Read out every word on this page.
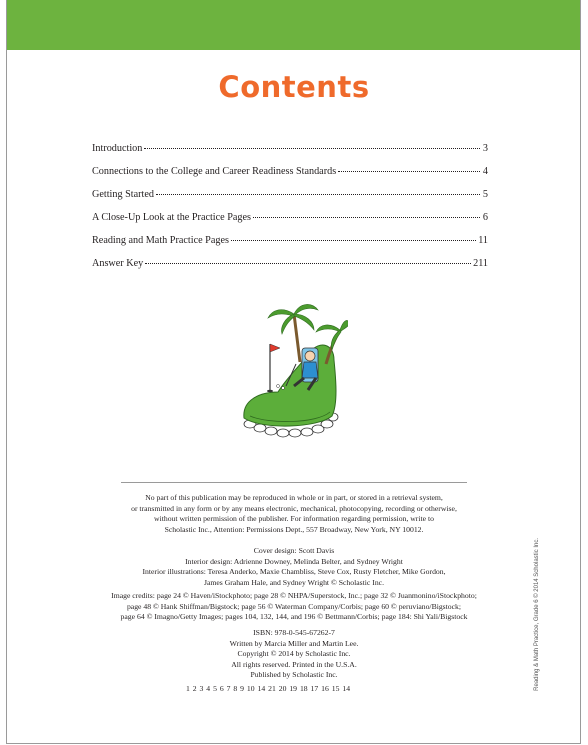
Contents
Introduction	3
Connections to the College and Career Readiness Standards	4
Getting Started	5
A Close-Up Look at the Practice Pages	6
Reading and Math Practice Pages	11
Answer Key	211
No part of this publication may be reproduced in whole or in part, or stored in a retrieval system,
or transmitted in any form or by any means electronic, mechanical, photocopying, recording or otherwise,
without written permission of the publisher. For information regarding permission, write to
Scholastic Inc., Attention: Permissions Dept., 557 Broadway, New York, NY 10012.
Cover design: Scott Davis
Interior design: Adrienne Downey, Melinda Belter, and Sydney Wright
Interior illustrations: Teresa Anderko, Maxie Chambliss, Steve Cox, Rusty Fletcher, Mike Gordon,
James Graham Hale, and Sydney Wright © Scholastic Inc.
Image credits: page 24 © Haven/iStockphoto; page 28 © NHPA/Superstock, Inc.; page 32 © Juanmonino/iStockphoto;
page 48 © Hank Shiffman/Bigstock; page 56 © Waterman Company/Corbis; page 60 © peruviano/Bigstock;
page 64 © Imagno/Getty Images; pages 104, 132, 144, and 196 © Bettmann/Corbis; page 184: Shi Yali/Bigstock
ISBN: 978-0-545-67262-7
Written by Marcia Miller and Martin Lee.
Copyright © 2014 by Scholastic Inc.
All rights reserved. Printed in the U.S.A.
Published by Scholastic Inc.
1 2 3 4 5 6 7 8 9 10 14 21 20 19 18 17 16 15 14	Reading & Math Practice, Grade 6 © 2014 Scholastic Inc.
